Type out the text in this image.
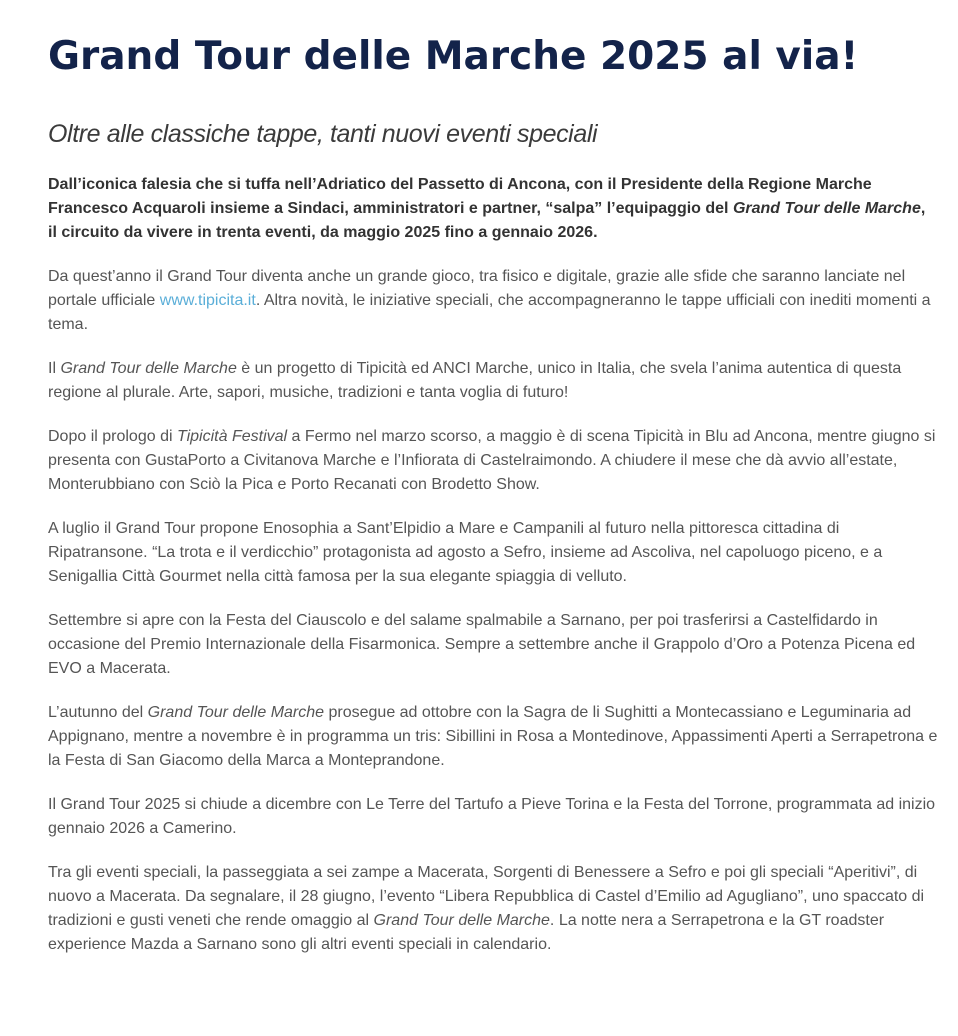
Grand Tour delle Marche 2025 al via!
Oltre alle classiche tappe, tanti nuovi eventi speciali

Dall’iconica falesia che si tuffa nell’Adriatico del Passetto di Ancona, con il Presidente della Regione Marche Francesco Acquaroli insieme a Sindaci, amministratori e partner, “salpa” l’equipaggio del Grand Tour delle Marche, il circuito da vivere in trenta eventi, da maggio 2025 fino a gennaio 2026.

Da quest’anno il Grand Tour diventa anche un grande gioco, tra fisico e digitale, grazie alle sfide che saranno lanciate nel portale ufficiale www.tipicita.it. Altra novità, le iniziative speciali, che accompagneranno le tappe ufficiali con inediti momenti a tema.

Il Grand Tour delle Marche è un progetto di Tipicità ed ANCI Marche, unico in Italia, che svela l’anima autentica di questa regione al plurale. Arte, sapori, musiche, tradizioni e tanta voglia di futuro!

Dopo il prologo di Tipicità Festival a Fermo nel marzo scorso, a maggio è di scena Tipicità in Blu ad Ancona, mentre giugno si presenta con GustaPorto a Civitanova Marche e l’Infiorata di Castelraimondo. A chiudere il mese che dà avvio all’estate, Monterubbiano con Sciò la Pica e Porto Recanati con Brodetto Show.

A luglio il Grand Tour propone Enosophia a Sant’Elpidio a Mare e Campanili al futuro nella pittoresca cittadina di Ripatransone. “La trota e il verdicchio” protagonista ad agosto a Sefro, insieme ad Ascoliva, nel capoluogo piceno, e a Senigallia Città Gourmet nella città famosa per la sua elegante spiaggia di velluto.

Settembre si apre con la Festa del Ciauscolo e del salame spalmabile a Sarnano, per poi trasferirsi a Castelfidardo in occasione del Premio Internazionale della Fisarmonica. Sempre a settembre anche il Grappolo d’Oro a Potenza Picena ed EVO a Macerata.

L’autunno del Grand Tour delle Marche prosegue ad ottobre con la Sagra de li Sughitti a Montecassiano e Leguminaria ad Appignano, mentre a novembre è in programma un tris: Sibillini in Rosa a Montedinove, Appassimenti Aperti a Serrapetrona e la Festa di San Giacomo della Marca a Monteprandone.

Il Grand Tour 2025 si chiude a dicembre con Le Terre del Tartufo a Pieve Torina e la Festa del Torrone, programmata ad inizio gennaio 2026 a Camerino.

Tra gli eventi speciali, la passeggiata a sei zampe a Macerata, Sorgenti di Benessere a Sefro e poi gli speciali “Aperitivi”, di nuovo a Macerata. Da segnalare, il 28 giugno, l’evento “Libera Repubblica di Castel d’Emilio ad Agugliano”, uno spaccato di tradizioni e gusti veneti che rende omaggio al Grand Tour delle Marche. La notte nera a Serrapetrona e la GT roadster experience Mazda a Sarnano sono gli altri eventi speciali in calendario.
